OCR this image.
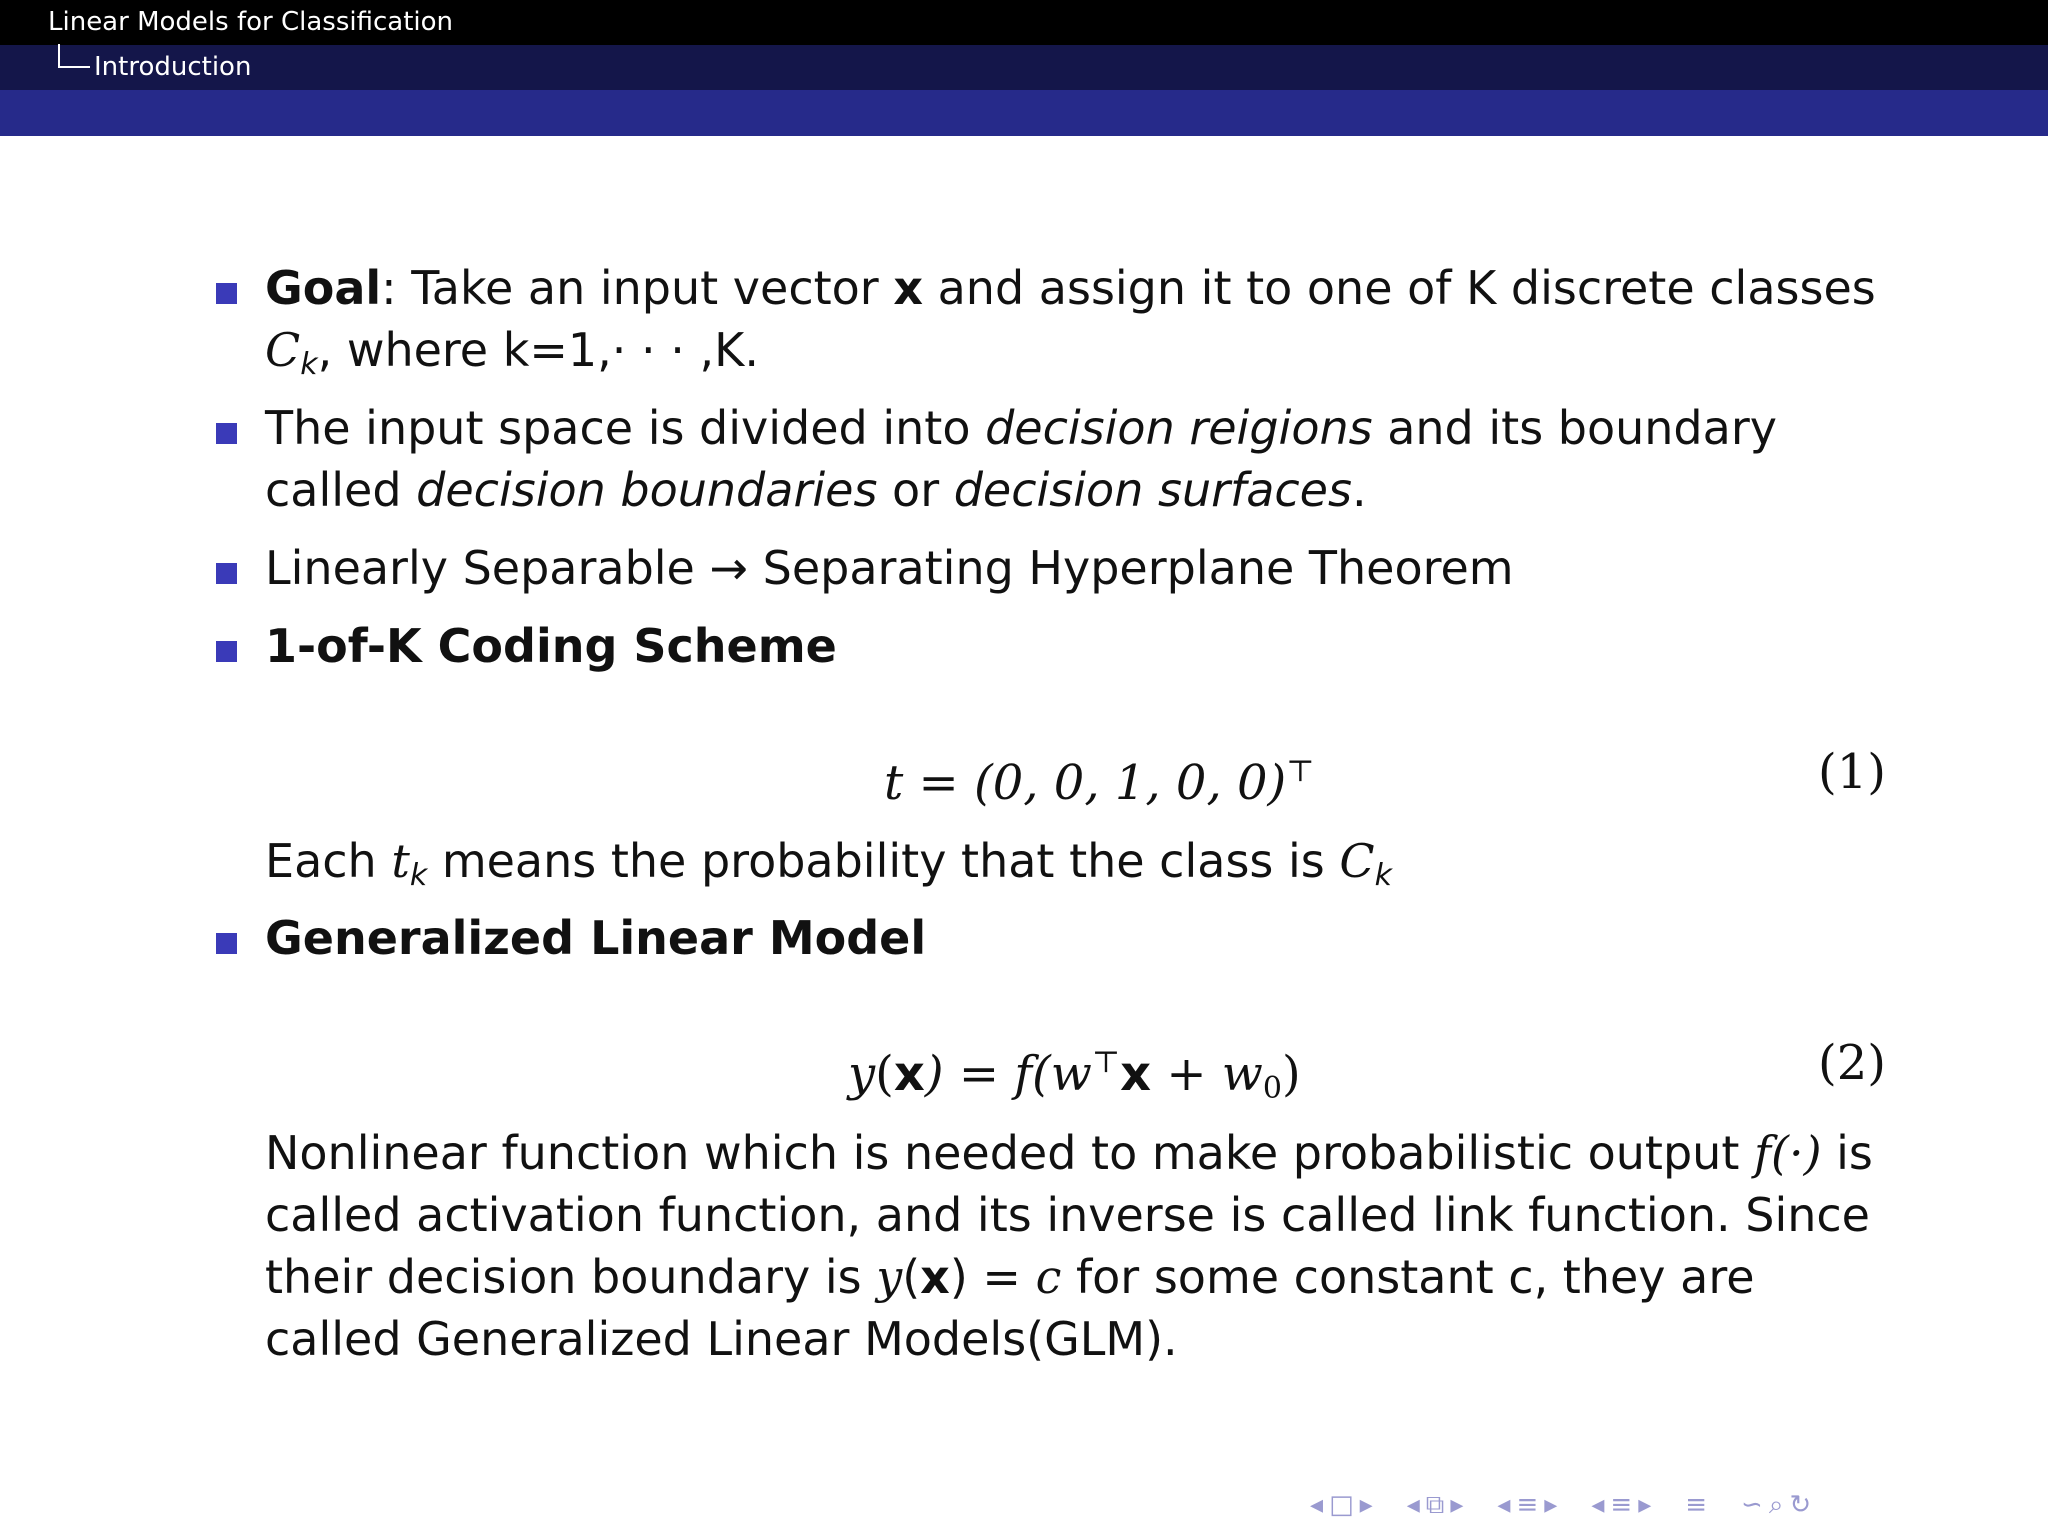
Linear Models for Classification
Introduction
Goal: Take an input vector x and assign it to one of K discrete classes $C_k$, where k=1,· · · ,K.
The input space is divided into decision reigions and its boundary called decision boundaries or decision surfaces.
Linearly Separable → Separating Hyperplane Theorem
1-of-K Coding Scheme
t = (0, 0, 1, 0, 0)⊤	(1)
Each $t_k$ means the probability that the class is $C_k$
Generalized Linear Model
$y(x) = f(w^⊤x + w_0)$	(2)
Nonlinear function which is needed to make probabilistic output f(·) is called activation function, and its inverse is called link function. Since their decision boundary is y(x) = c for some constant c, they are called Generalized Linear Models(GLM).
◂ □ ▸ ◂ ⧉ ▸ ◂ ≡ ▸ ◂ ≡ ▸ ≡ ∽ ⌕ ↻
